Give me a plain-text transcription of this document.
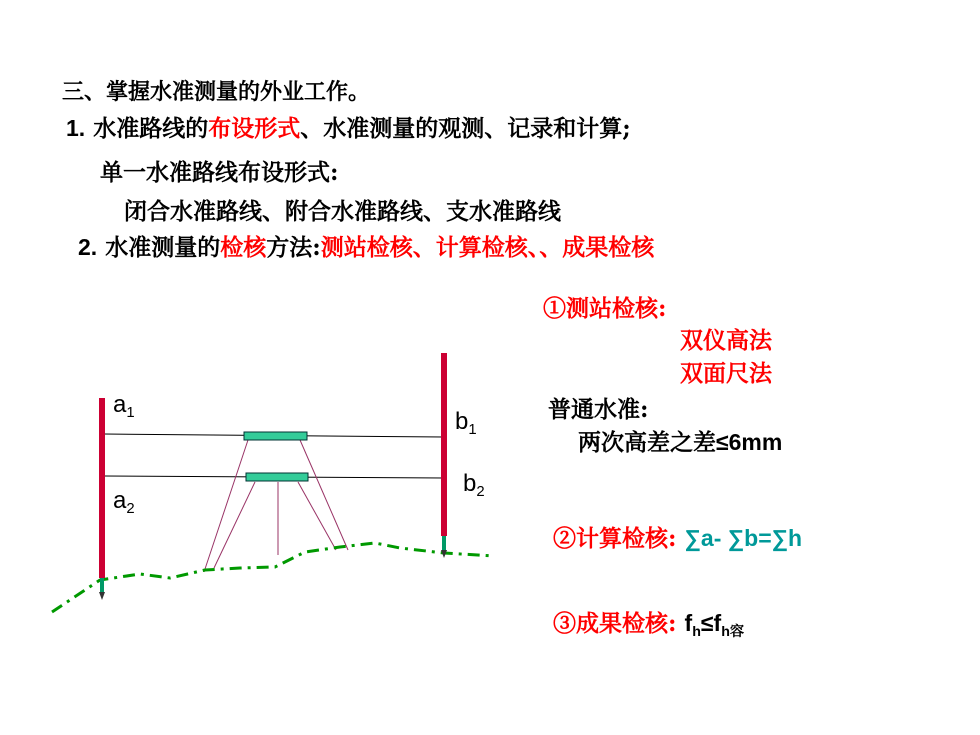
三、掌握水准测量的外业工作。
1. 水准路线的布设形式、水准测量的观测、记录和计算;
单一水准路线布设形式:
闭合水准路线、附合水准路线、支水准路线
2. 水准测量的检核方法:测站检核、计算检核、、成果检核
①测站检核:
双仪高法
双面尺法
普通水准:
两次高差之差≤6mm
②计算检核: ∑a- ∑b=∑h
③成果检核: $f_h\le f_{h容}$
$a_1$
$a_2$
$b_1$
$b_2$
